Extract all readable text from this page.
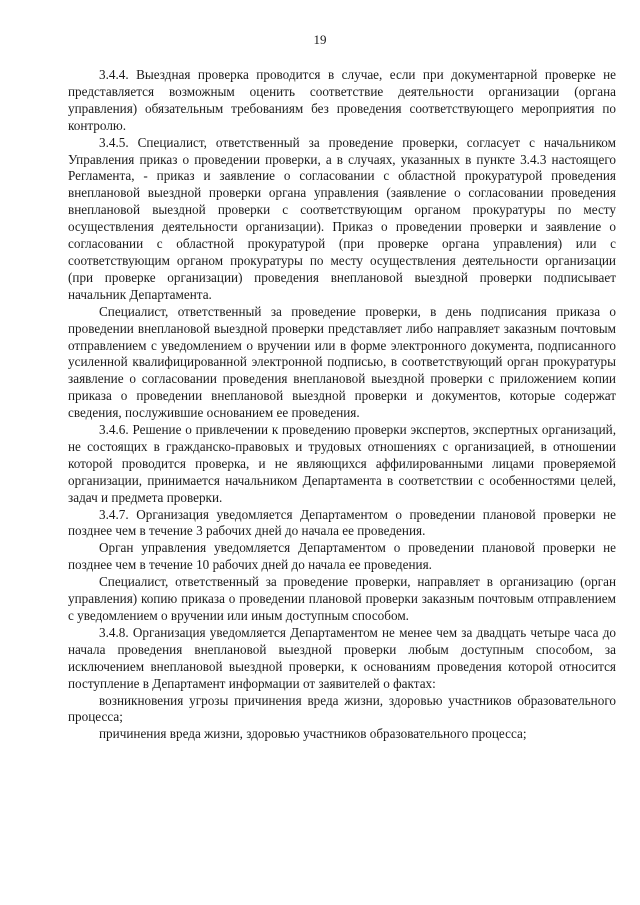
19

3.4.4. Выездная проверка проводится в случае, если при документарной проверке не представляется возможным оценить соответствие деятельности организации (органа управления) обязательным требованиям без проведения соответствующего мероприятия по контролю.

3.4.5. Специалист, ответственный за проведение проверки, согласует с начальником Управления приказ о проведении проверки, а в случаях, указанных в пункте 3.4.3 настоящего Регламента, - приказ и заявление о согласовании с областной прокуратурой проведения внеплановой выездной проверки органа управления (заявление о согласовании проведения внеплановой выездной проверки с соответствующим органом прокуратуры по месту осуществления деятельности организации). Приказ о проведении проверки и заявление о согласовании с областной прокуратурой (при проверке органа управления) или с соответствующим органом прокуратуры по месту осуществления деятельности организации (при проверке организации) проведения внеплановой выездной проверки подписывает начальник Департамента.

Специалист, ответственный за проведение проверки, в день подписания приказа о проведении внеплановой выездной проверки представляет либо направляет заказным почтовым отправлением с уведомлением о вручении или в форме электронного документа, подписанного усиленной квалифицированной электронной подписью, в соответствующий орган прокуратуры заявление о согласовании проведения внеплановой выездной проверки с приложением копии приказа о проведении внеплановой выездной проверки и документов, которые содержат сведения, послужившие основанием ее проведения.

3.4.6. Решение о привлечении к проведению проверки экспертов, экспертных организаций, не состоящих в гражданско-правовых и трудовых отношениях с организацией, в отношении которой проводится проверка, и не являющихся аффилированными лицами проверяемой организации, принимается начальником Департамента в соответствии с особенностями целей, задач и предмета проверки.

3.4.7. Организация уведомляется Департаментом о проведении плановой проверки не позднее чем в течение 3 рабочих дней до начала ее проведения.

Орган управления уведомляется Департаментом о проведении плановой проверки не позднее чем в течение 10 рабочих дней до начала ее проведения.

Специалист, ответственный за проведение проверки, направляет в организацию (орган управления) копию приказа о проведении плановой проверки заказным почтовым отправлением с уведомлением о вручении или иным доступным способом.

3.4.8. Организация уведомляется Департаментом не менее чем за двадцать четыре часа до начала проведения внеплановой выездной проверки любым доступным способом, за исключением внеплановой выездной проверки, к основаниям проведения которой относится поступление в Департамент информации от заявителей о фактах:

возникновения угрозы причинения вреда жизни, здоровью участников образовательного процесса;

причинения вреда жизни, здоровью участников образовательного процесса;
